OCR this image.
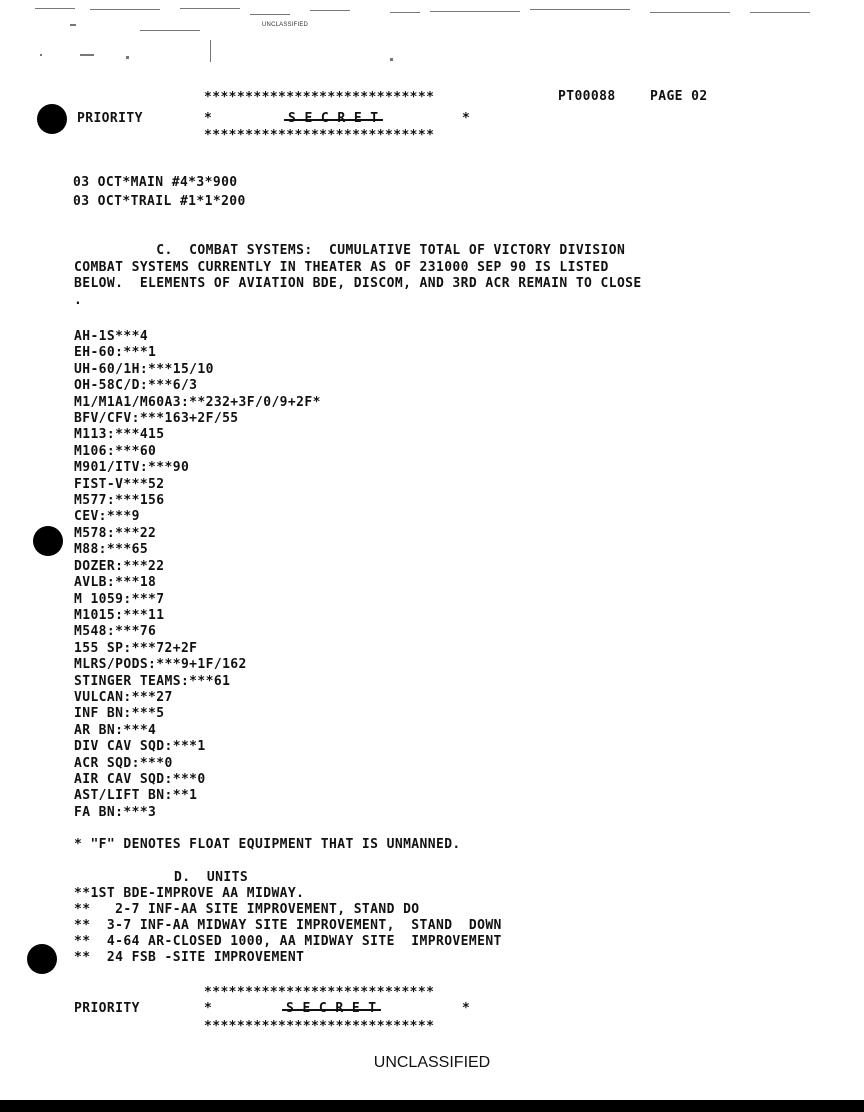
UNCLASSIFIED
****************************	PT00088	PAGE 02
PRIORITY	*	S E C R E T	*
****************************
03 OCT*MAIN #4*3*900
03 OCT*TRAIL #1*1*200
C.  COMBAT SYSTEMS:  CUMULATIVE TOTAL OF VICTORY DIVISION
COMBAT SYSTEMS CURRENTLY IN THEATER AS OF 231000 SEP 90 IS LISTED
BELOW.  ELEMENTS OF AVIATION BDE, DISCOM, AND 3RD ACR REMAIN TO CLOSE
.
AH-1S***4
EH-60:***1
UH-60/1H:***15/10
OH-58C/D:***6/3
M1/M1A1/M60A3:**232+3F/0/9+2F*
BFV/CFV:***163+2F/55
M113:***415
M106:***60
M901/ITV:***90
FIST-V***52
M577:***156
CEV:***9
M578:***22
M88:***65
DOZER:***22
AVLB:***18
M 1059:***7
M1015:***11
M548:***76
155 SP:***72+2F
MLRS/PODS:***9+1F/162
STINGER TEAMS:***61
VULCAN:***27
INF BN:***5
AR BN:***4
DIV CAV SQD:***1
ACR SQD:***0
AIR CAV SQD:***0
AST/LIFT BN:**1
FA BN:***3
* "F" DENOTES FLOAT EQUIPMENT THAT IS UNMANNED.
D.  UNITS
**1ST BDE-IMPROVE AA MIDWAY.
**   2-7 INF-AA SITE IMPROVEMENT, STAND DO
**  3-7 INF-AA MIDWAY SITE IMPROVEMENT,  STAND  DOWN
**  4-64 AR-CLOSED 1000, AA MIDWAY SITE  IMPROVEMENT
**  24 FSB -SITE IMPROVEMENT
****************************
PRIORITY	*	S E C R E T	*
****************************
UNCLASSIFIED
